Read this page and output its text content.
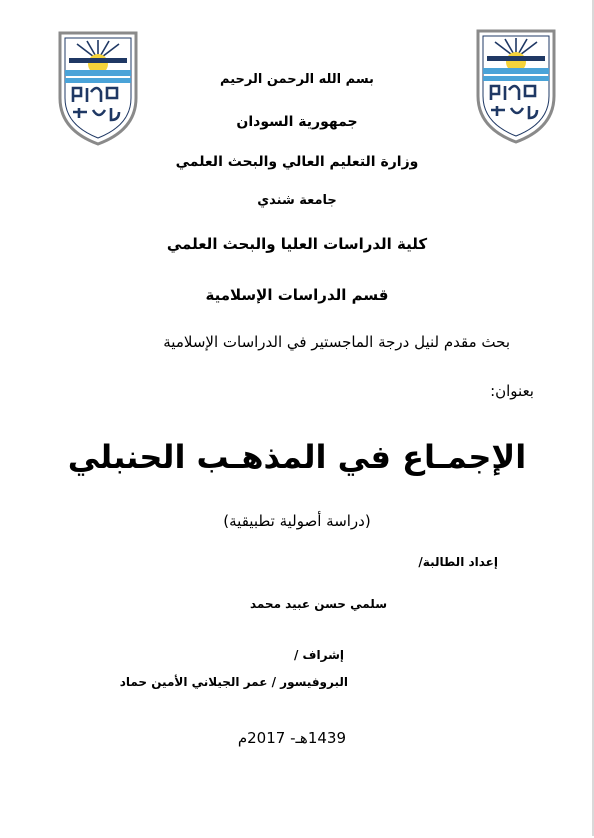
بسم الله الرحمن الرحيم
جمهورية السودان
وزارة التعليم العالي والبحث العلمي
جامعة شندي
كلية الدراسات العليا والبحث العلمي
قسم الدراسات الإسلامية
بحث مقدم لنيل درجة الماجستير في الدراسات الإسلامية
بعنوان:
الإجمـاع في المذهـب الحنبلي
(دراسة أصولية تطبيقية)
إعداد الطالبة/
سلمي حسن عبيد محمد
إشراف /
البروفيسور / عمر الجيلاني الأمين حماد
1439هـ- 2017م
